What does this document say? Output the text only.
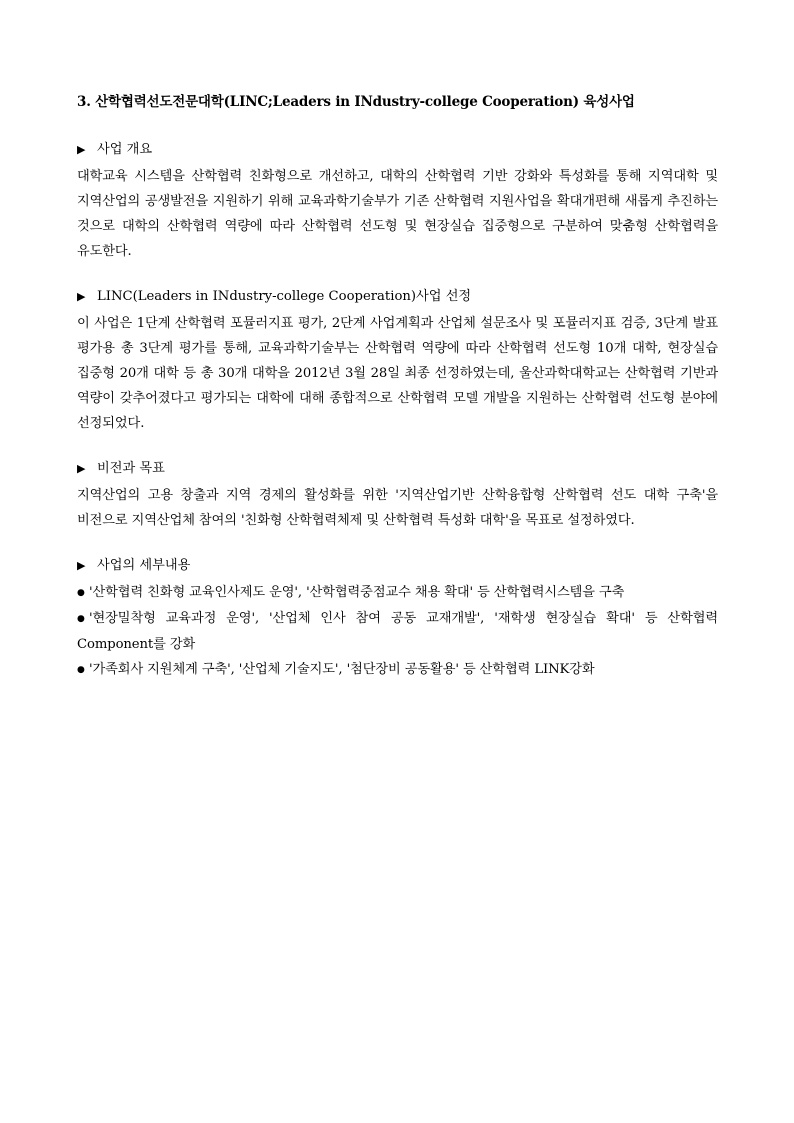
3. 산학협력선도전문대학(LINC;Leaders in INdustry-college Cooperation) 육성사업
▶ 사업 개요

대학교육 시스템을 산학협력 친화형으로 개선하고, 대학의 산학협력 기반 강화와 특성화를 통해 지역대학 및 지역산업의 공생발전을 지원하기 위해 교육과학기술부가 기존 산학협력 지원사업을 확대개편해 새롭게 추진하는 것으로 대학의 산학협력 역량에 따라 산학협력 선도형 및 현장실습 집중형으로 구분하여 맞춤형 산학협력을 유도한다.

▶ LINC(Leaders in INdustry-college Cooperation)사업 선정

이 사업은 1단계 산학협력 포뮬러지표 평가, 2단계 사업계획과 산업체 설문조사 및 포뮬러지표 검증, 3단계 발표 평가용 총 3단계 평가를 통해, 교육과학기술부는 산학협력 역량에 따라 산학협력 선도형 10개 대학, 현장실습 집중형 20개 대학 등 총 30개 대학을 2012년 3월 28일 최종 선정하였는데, 울산과학대학교는 산학협력 기반과 역량이 갖추어졌다고 평가되는 대학에 대해 종합적으로 산학협력 모델 개발을 지원하는 산학협력 선도형 분야에 선정되었다.

▶ 비전과 목표

지역산업의 고용 창출과 지역 경제의 활성화를 위한 '지역산업기반 산학융합형 산학협력 선도 대학 구축'을 비전으로 지역산업체 참여의 '친화형 산학협력체제 및 산학협력 특성화 대학'을 목표로 설정하였다.

▶ 사업의 세부내용
● '산학협력 친화형 교육인사제도 운영', '산학협력중점교수 채용 확대' 등 산학협력시스템을 구축
● '현장밀착형 교육과정 운영', '산업체 인사 참여 공동 교재개발', '재학생 현장실습 확대' 등 산학협력 Component를 강화
● '가족회사 지원체계 구축', '산업체 기술지도', '첨단장비 공동활용' 등 산학협력 LINK강화
